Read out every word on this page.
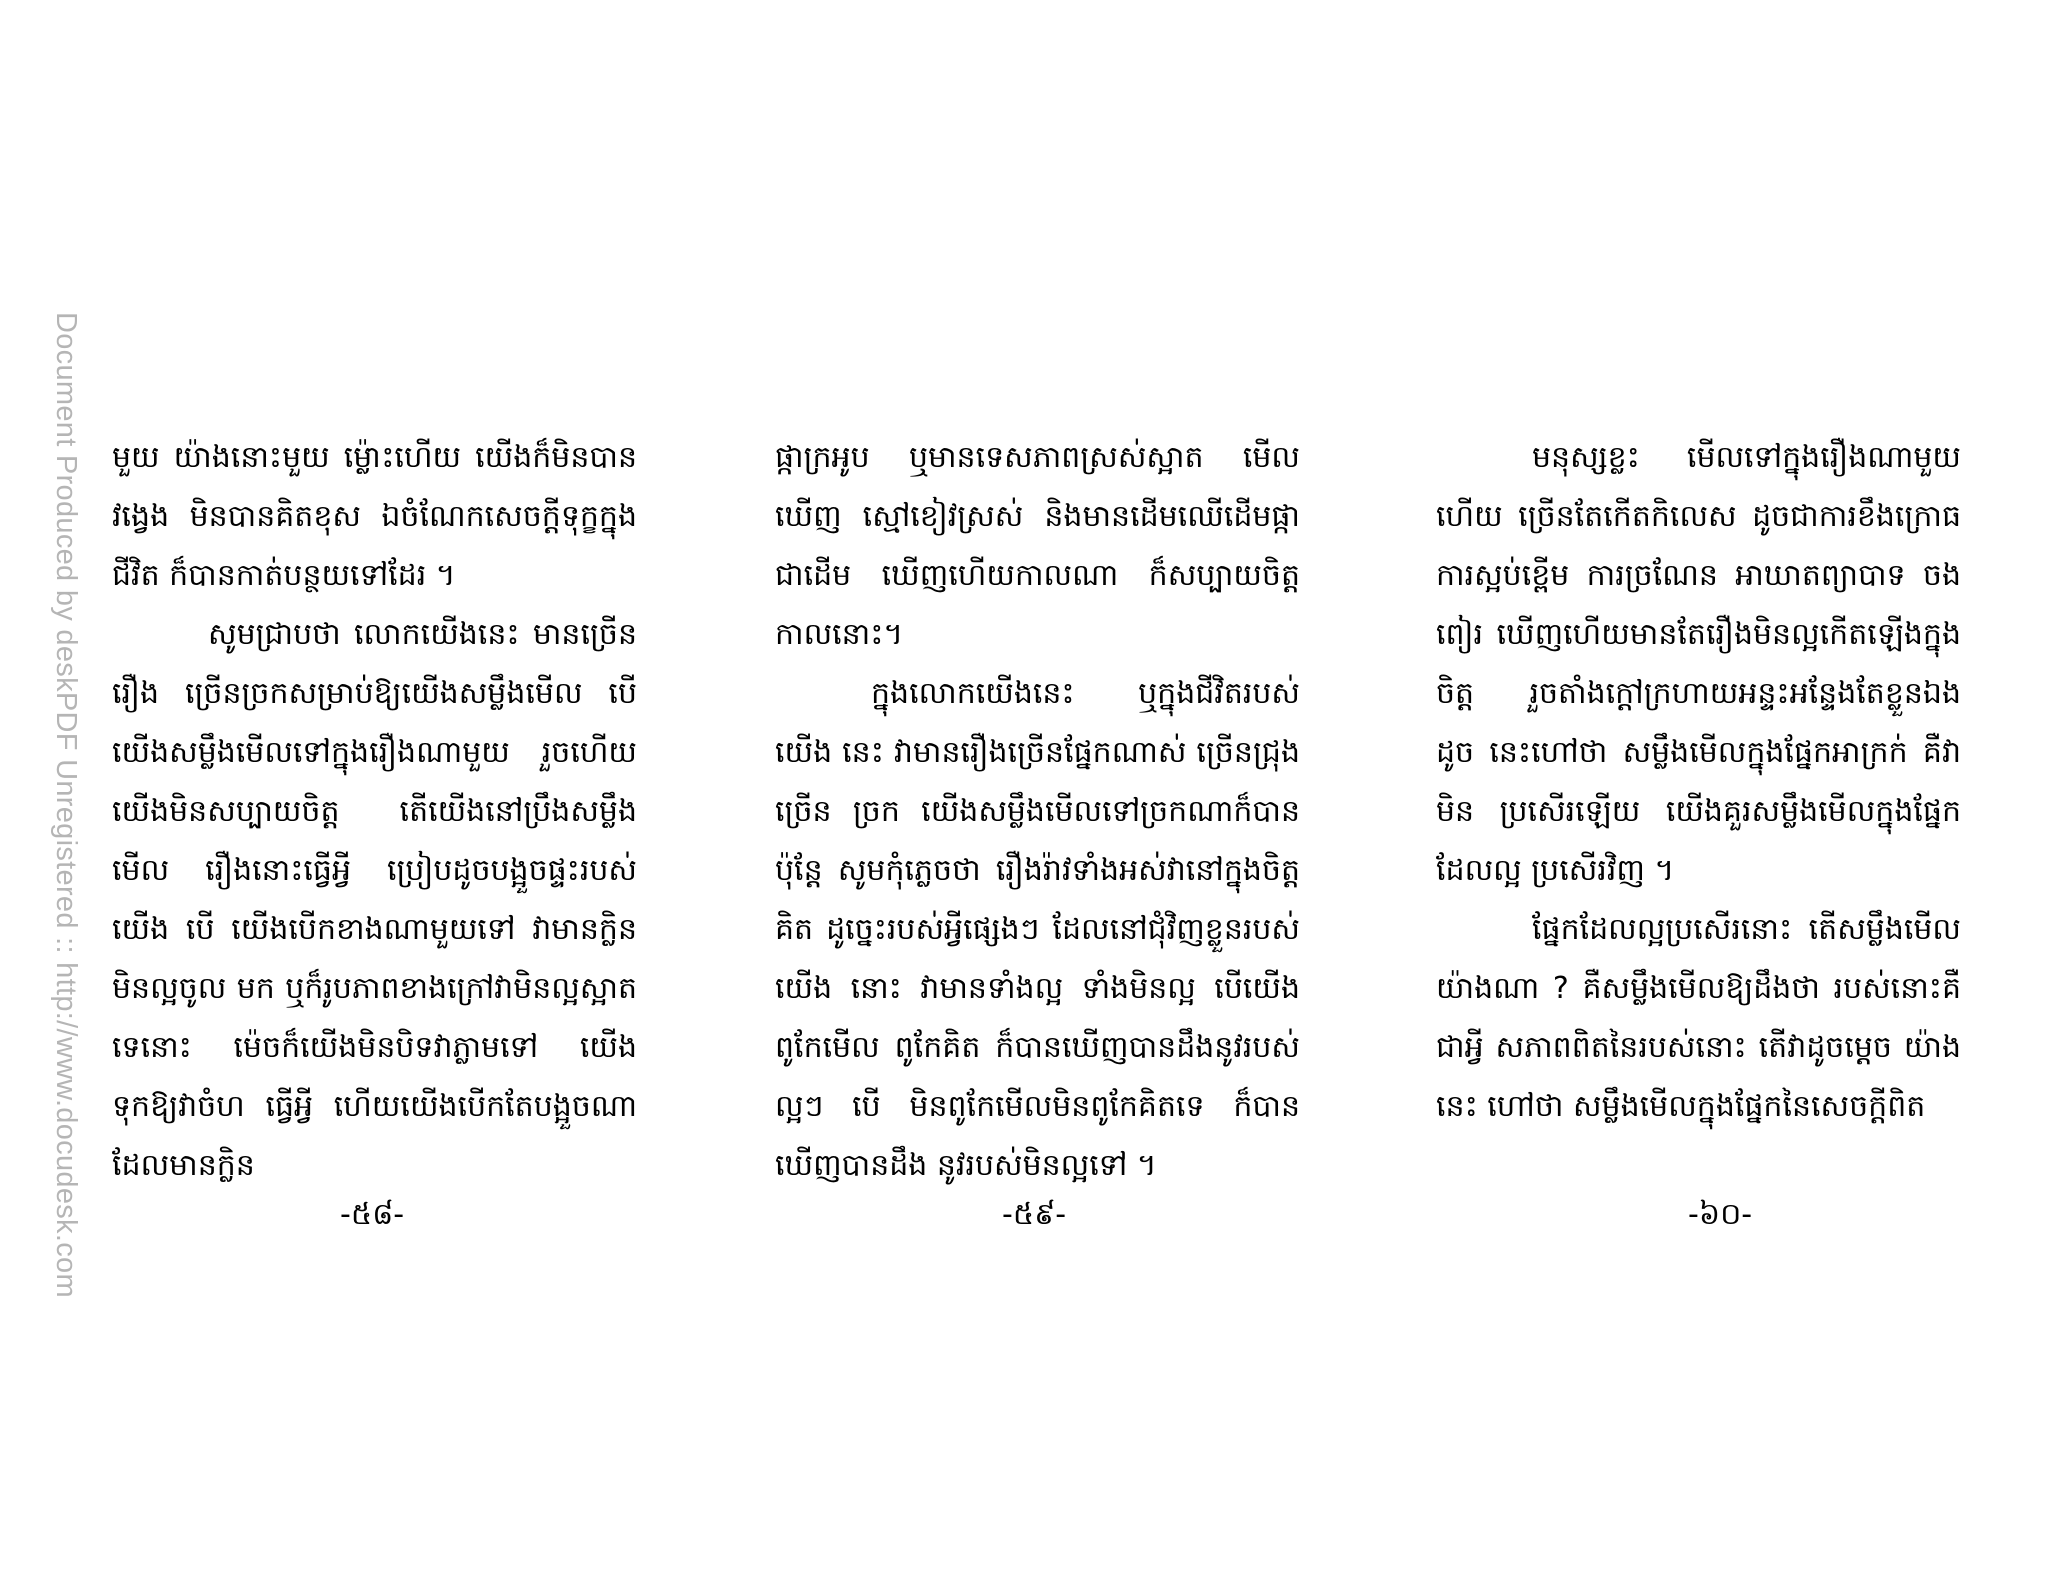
Document Produced by deskPDF Unregistered :: http://www.docudesk.com មួយ យ៉ាងនោះមួយ ម៉្លោះហើយ យើងក៏មិនបាន វង្វេង មិនបានគិតខុស ឯចំណែកសេចក្តីទុក្ខក្នុង ជីវិត ក៏បានកាត់បន្ថយទៅដែរ ។

សូមជ្រាបថា លោកយើងនេះ មានច្រើន រឿង ច្រើនច្រកសម្រាប់ឱ្យយើងសម្លឹងមើល បើ យើងសម្លឹងមើលទៅក្នុងរឿងណាមួយ រួចហើយ យើងមិនសប្បាយចិត្ត តើយើងនៅប្រឹងសម្លឹងមើល រឿងនោះធ្វើអ្វី ប្រៀបដូចបង្អួចផ្ទះរបស់យើង បើ យើងបើកខាងណាមួយទៅ វាមានក្លិនមិនល្អចូល មក ឬក៏រូបភាពខាងក្រៅវាមិនល្អស្អាតទេនោះ ម៉េចក៏យើងមិនបិទវាភ្លាមទៅ យើងទុកឱ្យវាចំហ ធ្វើអ្វី ហើយយើងបើកតែបង្អួចណាដែលមានក្លិន

ផ្កាក្រអូប ឬមានទេសភាពស្រស់ស្អាត មើលឃើញ ស្មៅខៀវស្រស់ និងមានដើមឈើដើមផ្កាជាដើម ឃើញហើយកាលណា ក៏សប្បាយចិត្តកាលនោះ។

ក្នុងលោកយើងនេះ ឬក្នុងជីវិតរបស់យើង នេះ វាមានរឿងច្រើនផ្នែកណាស់ ច្រើនជ្រុងច្រើន ច្រក យើងសម្លឹងមើលទៅច្រកណាក៏បាន ប៉ុន្តែ សូមកុំភ្លេចថា រឿងរ៉ាវទាំងអស់វានៅក្នុងចិត្តគិត ដូច្នេះរបស់អ្វីផ្សេងៗ ដែលនៅជុំវិញខ្លួនរបស់យើង នោះ វាមានទាំងល្អ ទាំងមិនល្អ បើយើងពូកែមើល ពូកែគិត ក៏បានឃើញបានដឹងនូវរបស់ល្អៗ បើ មិនពូកែមើលមិនពូកែគិតទេ ក៏បានឃើញបានដឹង នូវរបស់មិនល្អទៅ ។

មនុស្សខ្លះ មើលទៅក្នុងរឿងណាមួយ ហើយ ច្រើនតែកើតកិលេស ដូចជាការខឹងក្រោធ ការស្អប់ខ្ពើម ការច្រណែន អាឃាតព្យាបាទ ចង ពៀរ ឃើញហើយមានតែរឿងមិនល្អកើតឡើងក្នុង ចិត្ត រួចតាំងក្តៅក្រហាយអន្ទះអន្ទែងតែខ្លួនឯង ដូច នេះហៅថា សម្លឹងមើលក្នុងផ្នែកអាក្រក់ គឺវាមិន ប្រសើរឡើយ យើងគួរសម្លឹងមើលក្នុងផ្នែកដែលល្អ ប្រសើរវិញ ។

ផ្នែកដែលល្អប្រសើរនោះ តើសម្លឹងមើល យ៉ាងណា ? គឺសម្លឹងមើលឱ្យដឹងថា របស់នោះគឺ ជាអ្វី សភាពពិតនៃរបស់នោះ តើវាដូចម្តេច យ៉ាង នេះ ហៅថា សម្លឹងមើលក្នុងផ្នែកនៃសេចក្តីពិត

-៥៨-	-៥៩-	-៦០-
